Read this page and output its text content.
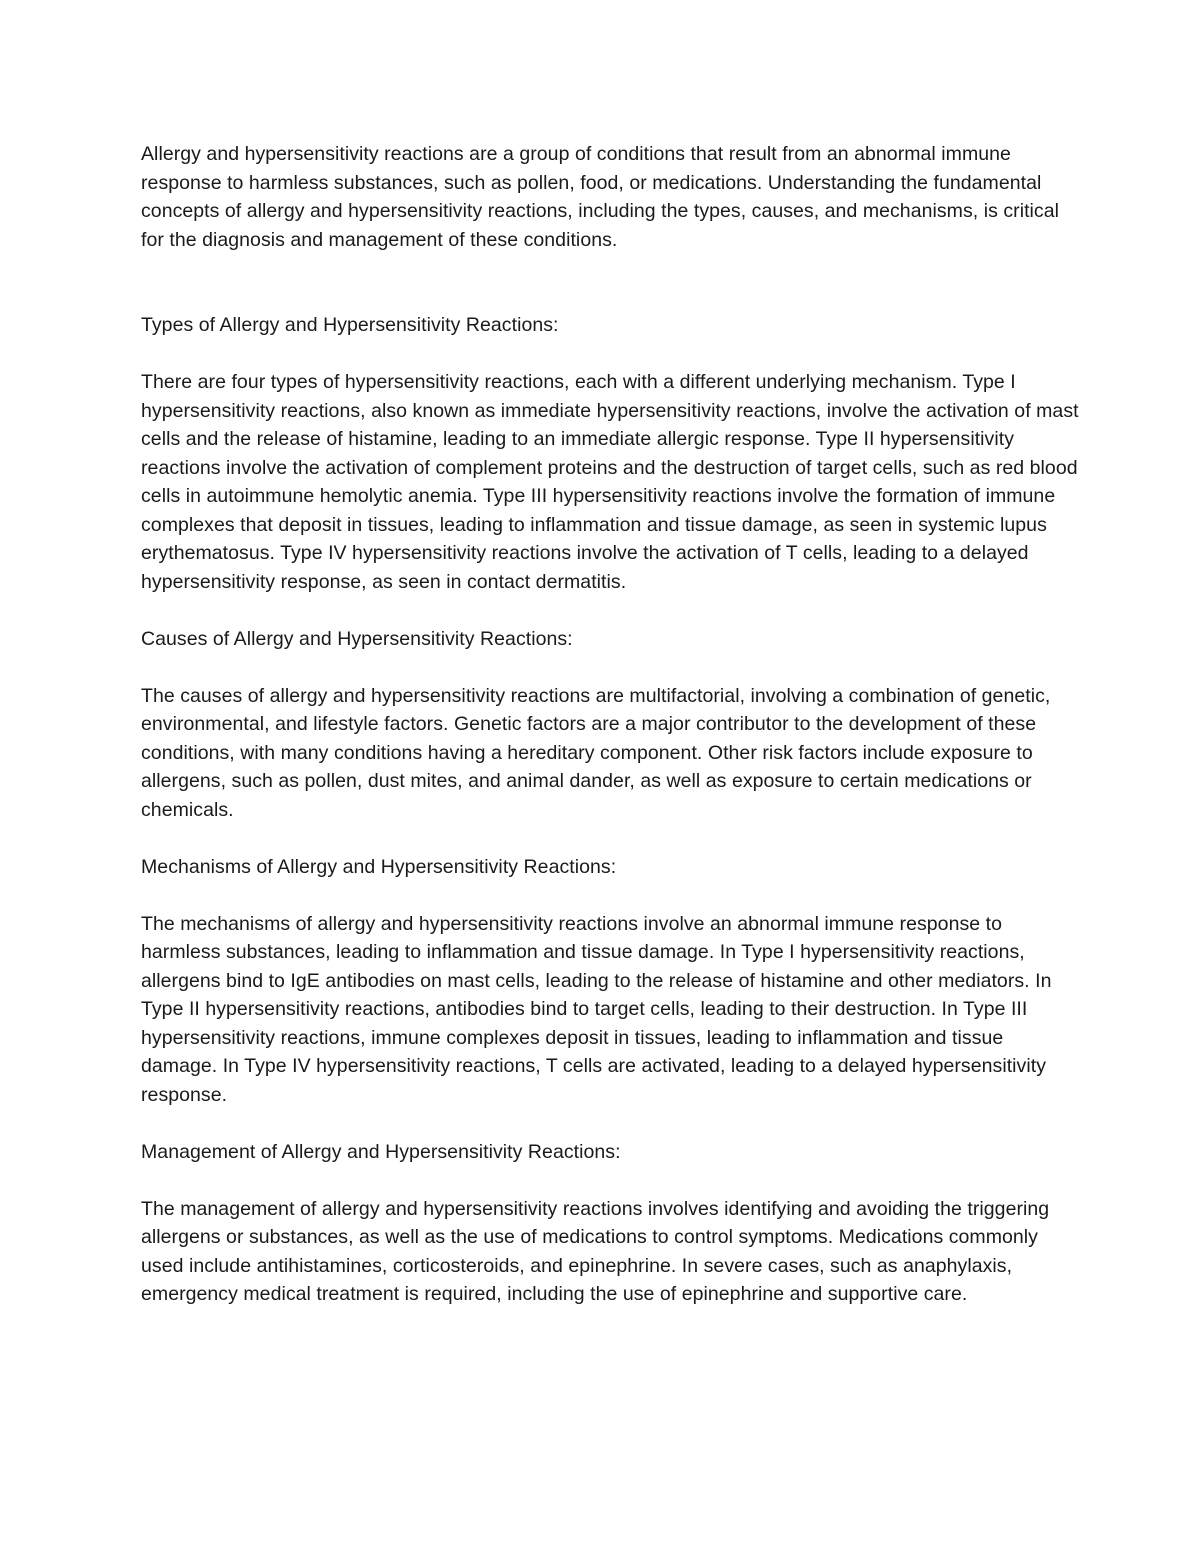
Allergy and hypersensitivity reactions are a group of conditions that result from an abnormal immune response to harmless substances, such as pollen, food, or medications. Understanding the fundamental concepts of allergy and hypersensitivity reactions, including the types, causes, and mechanisms, is critical for the diagnosis and management of these conditions.

Types of Allergy and Hypersensitivity Reactions:

There are four types of hypersensitivity reactions, each with a different underlying mechanism. Type I hypersensitivity reactions, also known as immediate hypersensitivity reactions, involve the activation of mast cells and the release of histamine, leading to an immediate allergic response. Type II hypersensitivity reactions involve the activation of complement proteins and the destruction of target cells, such as red blood cells in autoimmune hemolytic anemia. Type III hypersensitivity reactions involve the formation of immune complexes that deposit in tissues, leading to inflammation and tissue damage, as seen in systemic lupus erythematosus. Type IV hypersensitivity reactions involve the activation of T cells, leading to a delayed hypersensitivity response, as seen in contact dermatitis.

Causes of Allergy and Hypersensitivity Reactions:

The causes of allergy and hypersensitivity reactions are multifactorial, involving a combination of genetic, environmental, and lifestyle factors. Genetic factors are a major contributor to the development of these conditions, with many conditions having a hereditary component. Other risk factors include exposure to allergens, such as pollen, dust mites, and animal dander, as well as exposure to certain medications or chemicals.

Mechanisms of Allergy and Hypersensitivity Reactions:

The mechanisms of allergy and hypersensitivity reactions involve an abnormal immune response to harmless substances, leading to inflammation and tissue damage. In Type I hypersensitivity reactions, allergens bind to IgE antibodies on mast cells, leading to the release of histamine and other mediators. In Type II hypersensitivity reactions, antibodies bind to target cells, leading to their destruction. In Type III hypersensitivity reactions, immune complexes deposit in tissues, leading to inflammation and tissue damage. In Type IV hypersensitivity reactions, T cells are activated, leading to a delayed hypersensitivity response.

Management of Allergy and Hypersensitivity Reactions:

The management of allergy and hypersensitivity reactions involves identifying and avoiding the triggering allergens or substances, as well as the use of medications to control symptoms. Medications commonly used include antihistamines, corticosteroids, and epinephrine. In severe cases, such as anaphylaxis, emergency medical treatment is required, including the use of epinephrine and supportive care.
